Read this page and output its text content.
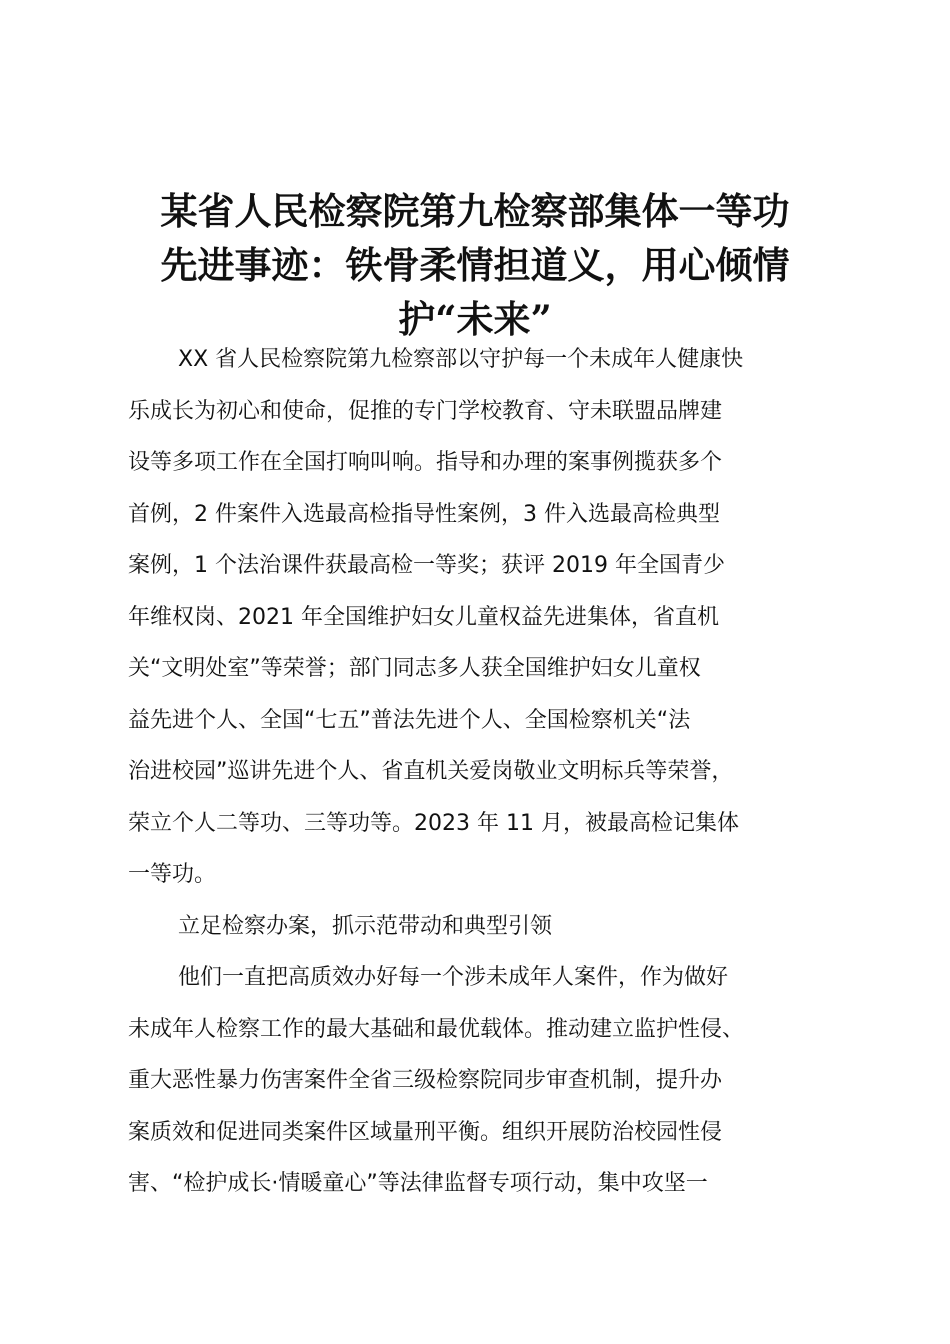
某省人民检察院第九检察部集体一等功
先进事迹：铁骨柔情担道义，用心倾情
护“未来”

XX 省人民检察院第九检察部以守护每一个未成年人健康快
乐成长为初心和使命，促推的专门学校教育、守未联盟品牌建
设等多项工作在全国打响叫响。指导和办理的案事例揽获多个
首例，2 件案件入选最高检指导性案例，3 件入选最高检典型
案例，1 个法治课件获最高检一等奖；获评 2019 年全国青少
年维权岗、2021 年全国维护妇女儿童权益先进集体，省直机
关“文明处室”等荣誉；部门同志多人获全国维护妇女儿童权
益先进个人、全国“七五”普法先进个人、全国检察机关“法
治进校园”巡讲先进个人、省直机关爱岗敬业文明标兵等荣誉，
荣立个人二等功、三等功等。2023 年 11 月，被最高检记集体
一等功。

立足检察办案，抓示范带动和典型引领

他们一直把高质效办好每一个涉未成年人案件，作为做好
未成年人检察工作的最大基础和最优载体。推动建立监护性侵、
重大恶性暴力伤害案件全省三级检察院同步审查机制，提升办
案质效和促进同类案件区域量刑平衡。组织开展防治校园性侵
害、“检护成长·情暖童心”等法律监督专项行动，集中攻坚一
